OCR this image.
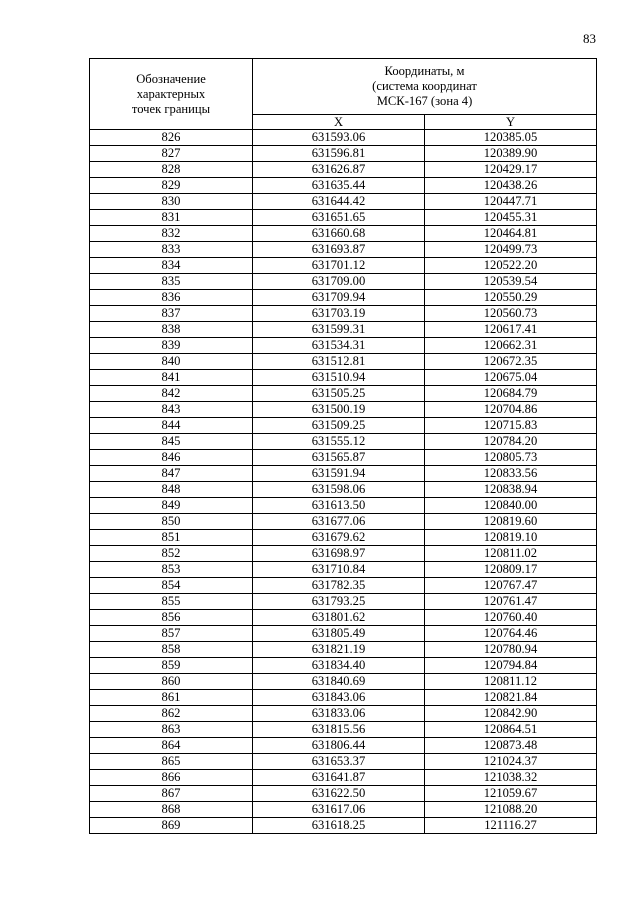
83
Обозначение
характерных
точек границы	Координаты, м
(система координат
МСК-167 (зона 4)	

	X	Y
826	631593.06	120385.05
827	631596.81	120389.90
828	631626.87	120429.17
829	631635.44	120438.26
830	631644.42	120447.71
831	631651.65	120455.31
832	631660.68	120464.81
833	631693.87	120499.73
834	631701.12	120522.20
835	631709.00	120539.54
836	631709.94	120550.29
837	631703.19	120560.73
838	631599.31	120617.41
839	631534.31	120662.31
840	631512.81	120672.35
841	631510.94	120675.04
842	631505.25	120684.79
843	631500.19	120704.86
844	631509.25	120715.83
845	631555.12	120784.20
846	631565.87	120805.73
847	631591.94	120833.56
848	631598.06	120838.94
849	631613.50	120840.00
850	631677.06	120819.60
851	631679.62	120819.10
852	631698.97	120811.02
853	631710.84	120809.17
854	631782.35	120767.47
855	631793.25	120761.47
856	631801.62	120760.40
857	631805.49	120764.46
858	631821.19	120780.94
859	631834.40	120794.84
860	631840.69	120811.12
861	631843.06	120821.84
862	631833.06	120842.90
863	631815.56	120864.51
864	631806.44	120873.48
865	631653.37	121024.37
866	631641.87	121038.32
867	631622.50	121059.67
868	631617.06	121088.20
869	631618.25	121116.27
